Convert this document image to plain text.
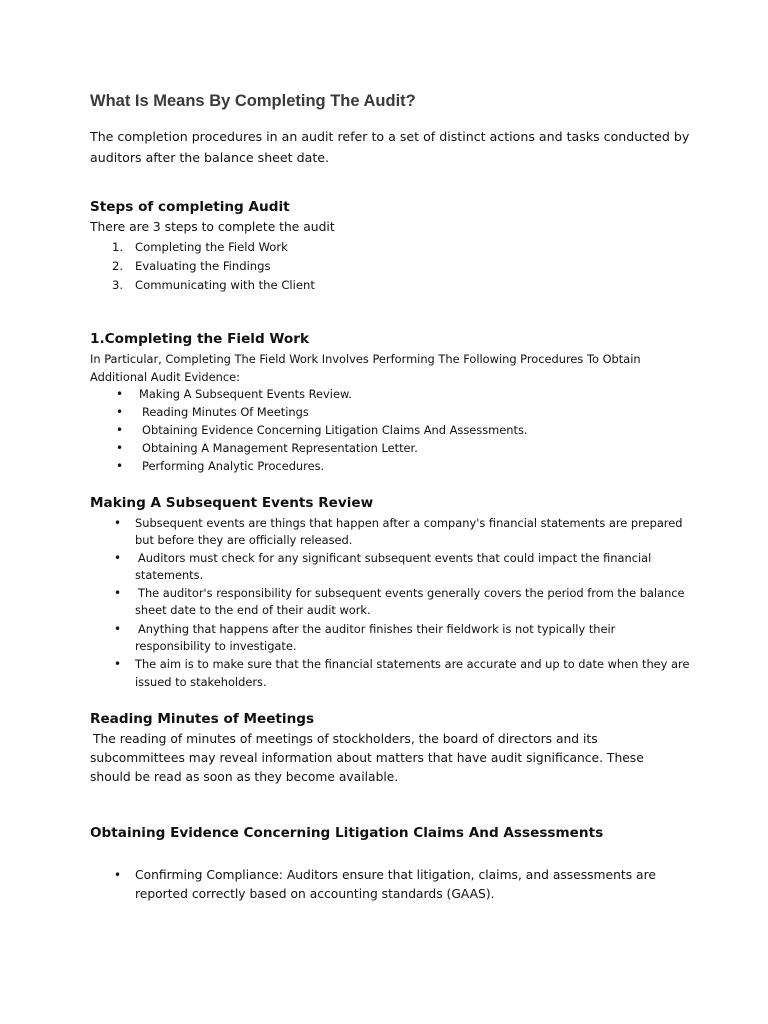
What Is Means By Completing The Audit?
The completion procedures in an audit refer to a set of distinct actions and tasks conducted by auditors after the balance sheet date.
Steps of completing Audit
There are 3 steps to complete the audit
1. Completing the Field Work
2. Evaluating the Findings
3. Communicating with the Client
1.Completing the Field Work
In Particular, Completing The Field Work Involves Performing The Following Procedures To Obtain
Additional Audit Evidence:
• Making A Subsequent Events Review.
• Reading Minutes Of Meetings
• Obtaining Evidence Concerning Litigation Claims And Assessments.
• Obtaining A Management Representation Letter.
• Performing Analytic Procedures.
Making A Subsequent Events Review
• Subsequent events are things that happen after a company's financial statements are prepared
but before they are officially released.
• Auditors must check for any significant subsequent events that could impact the financial
statements.
• The auditor's responsibility for subsequent events generally covers the period from the balance
sheet date to the end of their audit work.
• Anything that happens after the auditor finishes their fieldwork is not typically their
responsibility to investigate.
• The aim is to make sure that the financial statements are accurate and up to date when they are
issued to stakeholders.
Reading Minutes of Meetings
The reading of minutes of meetings of stockholders, the board of directors and its
subcommittees may reveal information about matters that have audit significance. These
should be read as soon as they become available.
Obtaining Evidence Concerning Litigation Claims And Assessments
• Confirming Compliance: Auditors ensure that litigation, claims, and assessments are
reported correctly based on accounting standards (GAAS).
